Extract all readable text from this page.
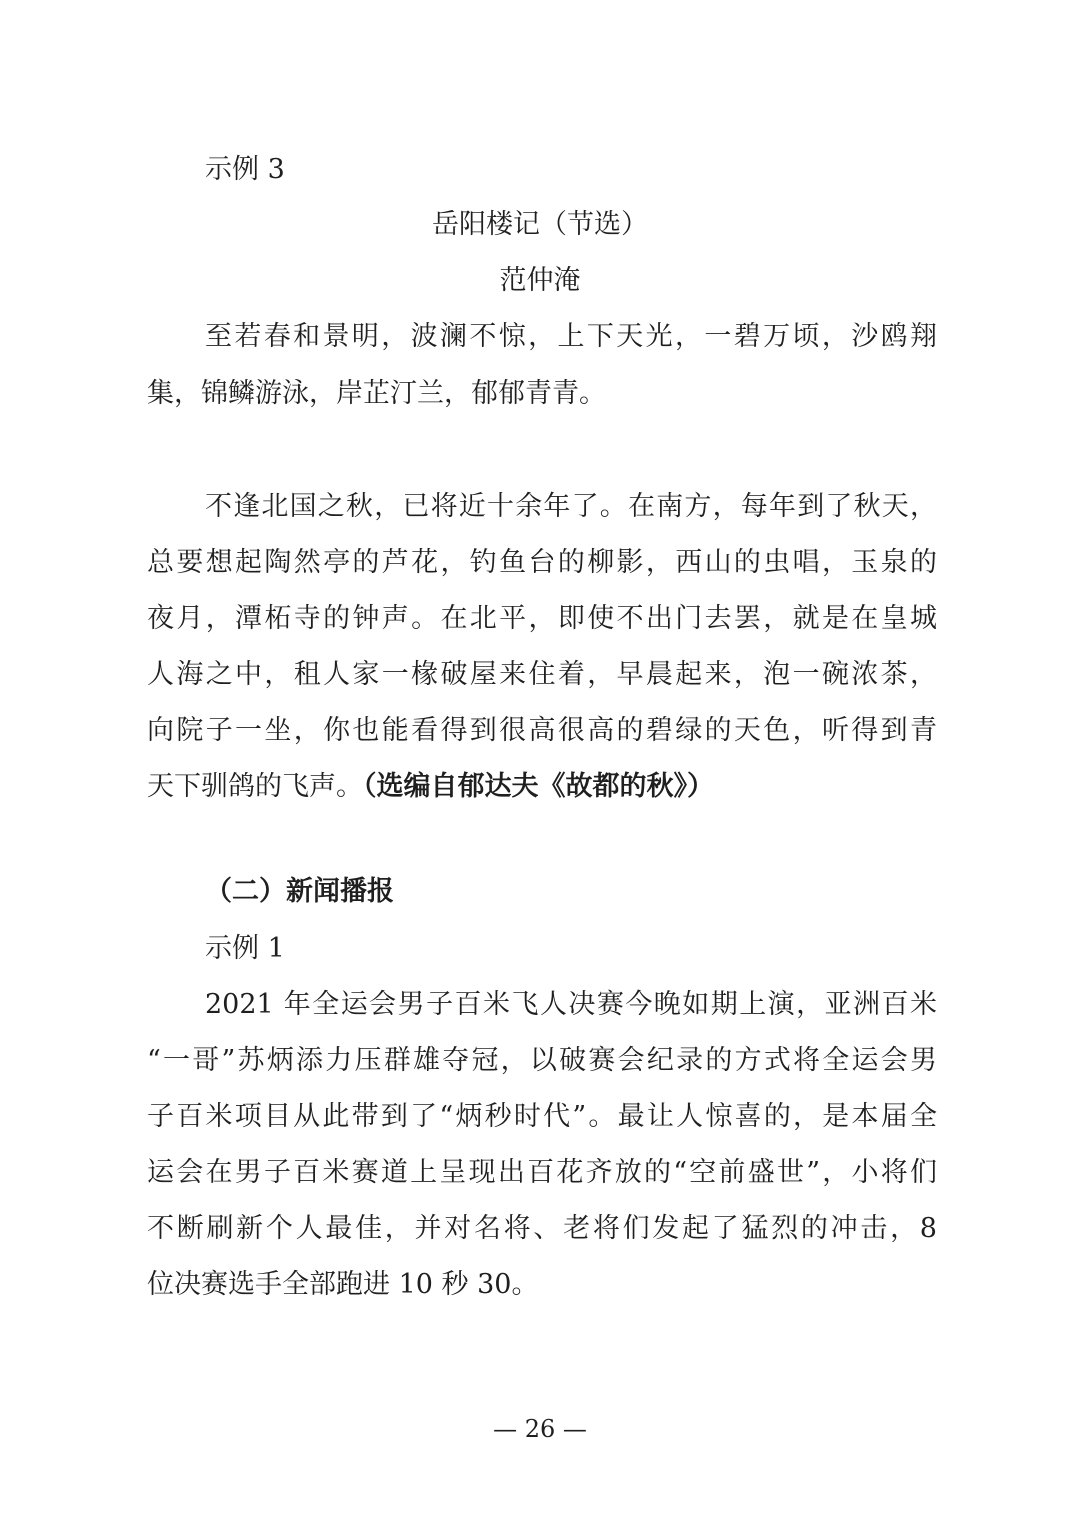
示例 3
岳阳楼记（节选）
范仲淹
至若春和景明，波澜不惊，上下天光，一碧万顷，沙鸥翔
集，锦鳞游泳，岸芷汀兰，郁郁青青。
不逢北国之秋，已将近十余年了。在南方，每年到了秋天，
总要想起陶然亭的芦花，钓鱼台的柳影，西山的虫唱，玉泉的
夜月，潭柘寺的钟声。在北平，即使不出门去罢，就是在皇城
人海之中，租人家一椽破屋来住着，早晨起来，泡一碗浓茶，
向院子一坐，你也能看得到很高很高的碧绿的天色，听得到青
天下驯鸽的飞声。（选编自郁达夫《故都的秋》）
（二）新闻播报
示例 1
2021 年全运会男子百米飞人决赛今晚如期上演，亚洲百米
“一哥”苏炳添力压群雄夺冠，以破赛会纪录的方式将全运会男
子百米项目从此带到了“炳秒时代”。最让人惊喜的，是本届全
运会在男子百米赛道上呈现出百花齐放的“空前盛世”，小将们
不断刷新个人最佳，并对名将、老将们发起了猛烈的冲击，8
位决赛选手全部跑进 10 秒 30。
— 26 —
